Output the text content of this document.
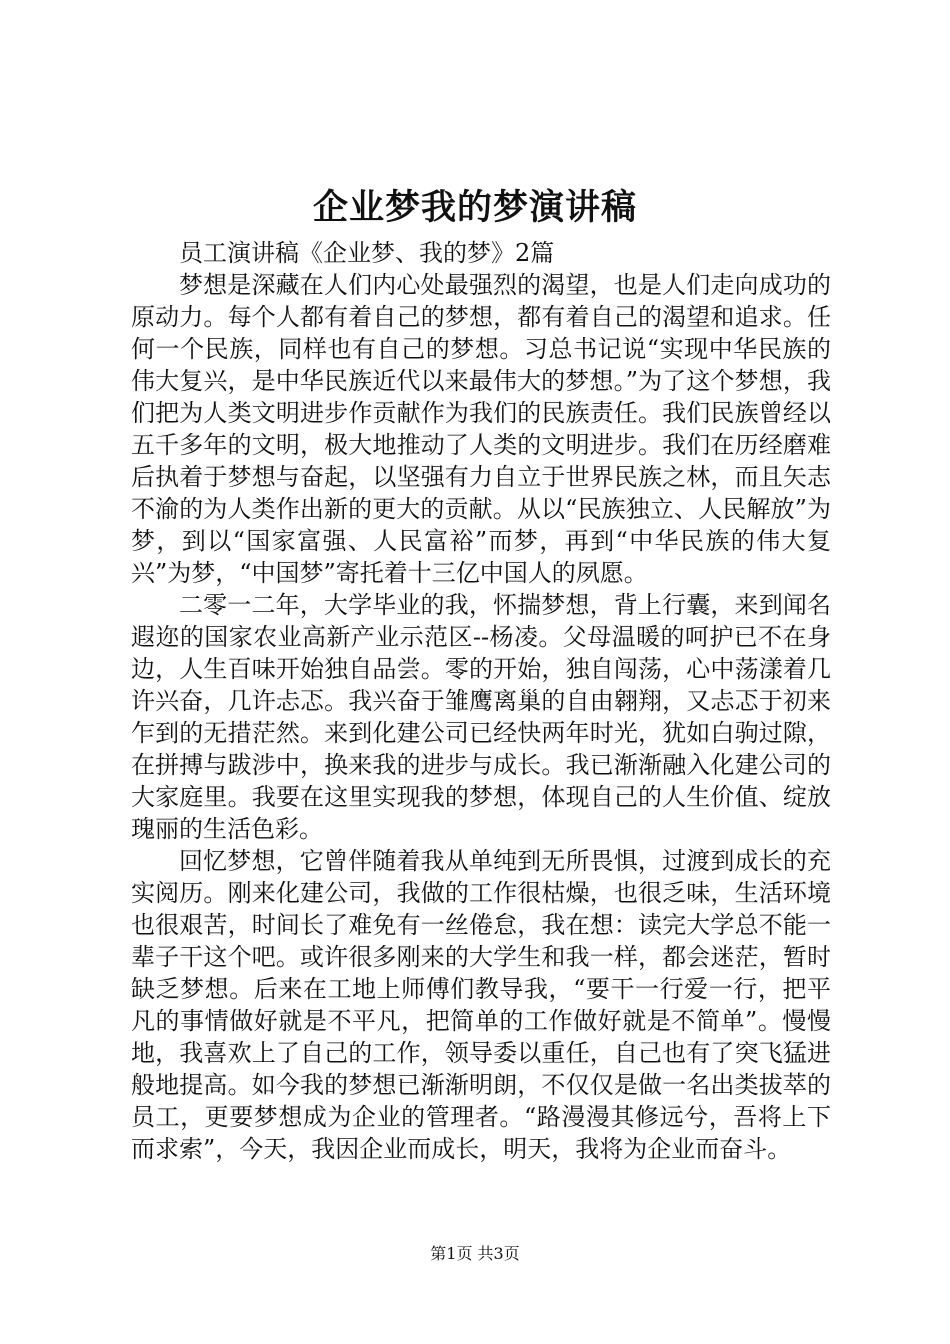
企业梦我的梦演讲稿

员工演讲稿《企业梦、我的梦》2篇

梦想是深藏在人们内心处最强烈的渴望，也是人们走向成功的原动力。每个人都有着自己的梦想，都有着自己的渴望和追求。任何一个民族，同样也有自己的梦想。习总书记说“实现中华民族的伟大复兴，是中华民族近代以来最伟大的梦想。”为了这个梦想，我们把为人类文明进步作贡献作为我们的民族责任。我们民族曾经以五千多年的文明，极大地推动了人类的文明进步。我们在历经磨难后执着于梦想与奋起，以坚强有力自立于世界民族之林，而且矢志不渝的为人类作出新的更大的贡献。从以“民族独立、人民解放”为梦，到以“国家富强、人民富裕”而梦，再到“中华民族的伟大复兴”为梦，“中国梦”寄托着十三亿中国人的夙愿。

二零一二年，大学毕业的我，怀揣梦想，背上行囊，来到闻名遐迩的国家农业高新产业示范区--杨凌。父母温暖的呵护已不在身边，人生百味开始独自品尝。零的开始，独自闯荡，心中荡漾着几许兴奋，几许忐忑。我兴奋于雏鹰离巢的自由翱翔，又忐忑于初来乍到的无措茫然。来到化建公司已经快两年时光，犹如白驹过隙，在拼搏与跋涉中，换来我的进步与成长。我已渐渐融入化建公司的大家庭里。我要在这里实现我的梦想，体现自己的人生价值、绽放瑰丽的生活色彩。

回忆梦想，它曾伴随着我从单纯到无所畏惧，过渡到成长的充实阅历。刚来化建公司，我做的工作很枯燥，也很乏味，生活环境也很艰苦，时间长了难免有一丝倦怠，我在想：读完大学总不能一辈子干这个吧。或许很多刚来的大学生和我一样，都会迷茫，暂时缺乏梦想。后来在工地上师傅们教导我，“要干一行爱一行，把平凡的事情做好就是不平凡，把简单的工作做好就是不简单”。慢慢地，我喜欢上了自己的工作，领导委以重任，自己也有了突飞猛进般地提高。如今我的梦想已渐渐明朗，不仅仅是做一名出类拔萃的员工，更要梦想成为企业的管理者。“路漫漫其修远兮，吾将上下而求索”，今天，我因企业而成长，明天，我将为企业而奋斗。

第1页 共3页
